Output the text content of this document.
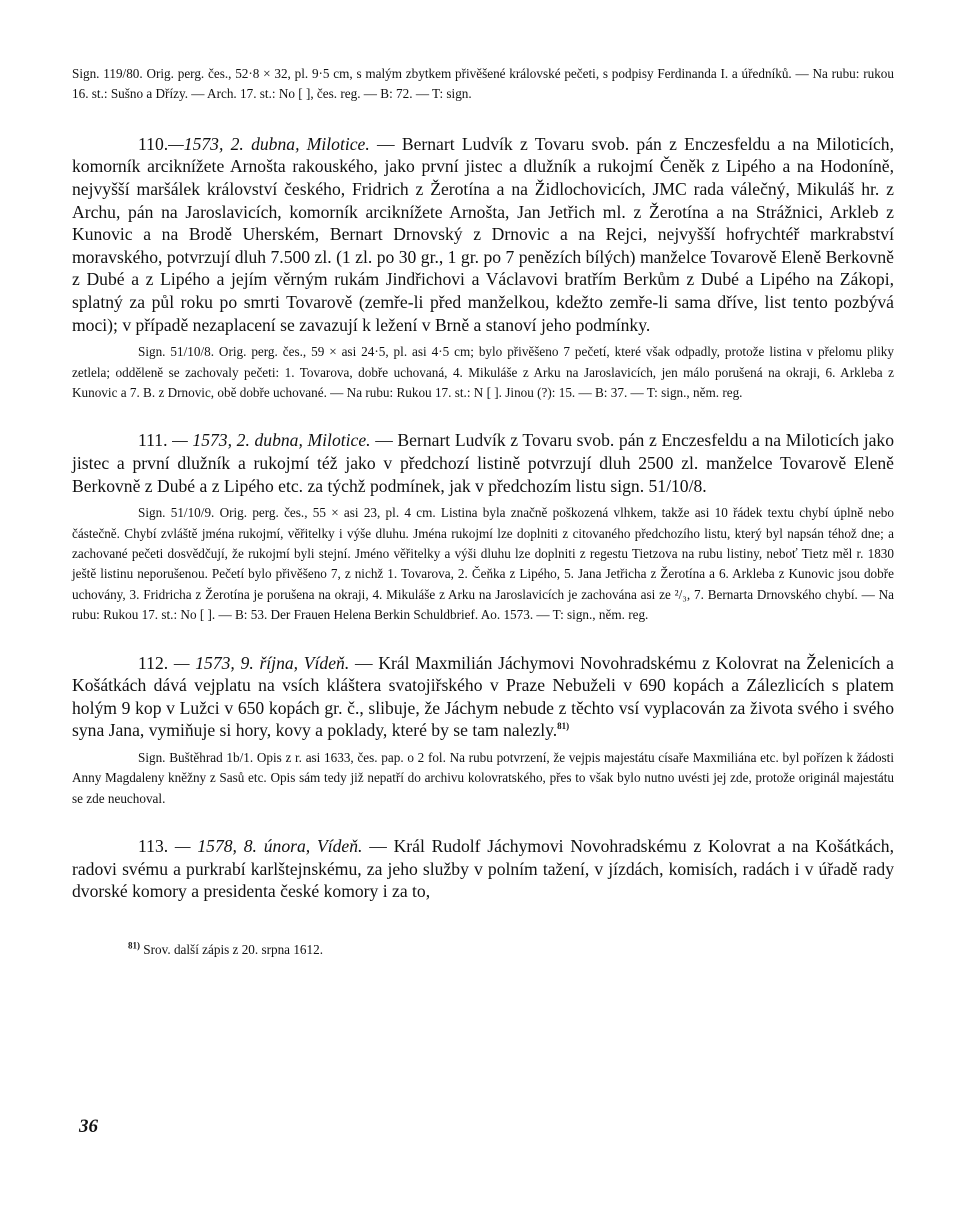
Sign. 119/80. Orig. perg. čes., 52·8 × 32, pl. 9·5 cm, s malým zbytkem přivěšené královské pečeti, s podpisy Ferdinanda I. a úředníků. — Na rubu: rukou 16. st.: Sušno a Dřízy. — Arch. 17. st.: No [ ], čes. reg. — B: 72. — T: sign.

110.—1573, 2. dubna, Milotice. — Bernart Ludvík z Tovaru svob. pán z Enczesfeldu a na Miloticích, komorník arciknížete Arnošta rakouského, jako první jistec a dlužník a rukojmí Čeněk z Lipého a na Hodoníně, nejvyšší maršálek království českého, Fridrich z Žerotína a na Židlochovicích, JMC rada válečný, Mikuláš hr. z Archu, pán na Jaroslavicích, komorník arciknížete Arnošta, Jan Jetřich ml. z Žerotína a na Strážnici, Arkleb z Kunovic a na Brodě Uherském, Bernart Drnovský z Drnovic a na Rejci, nejvyšší hofrychtéř markrabství moravského, potvrzují dluh 7.500 zl. (1 zl. po 30 gr., 1 gr. po 7 penězích bílých) manželce Tovarově Eleně Berkovně z Dubé a z Lipého a jejím věrným rukám Jindřichovi a Václavovi bratřím Berkům z Dubé a Lipého na Zákopi, splatný za půl roku po smrti Tovarově (zemře-li před manželkou, kdežto zemře-li sama dříve, list tento pozbývá moci); v případě nezaplacení se zavazují k ležení v Brně a stanoví jeho podmínky.

Sign. 51/10/8. Orig. perg. čes., 59 × asi 24·5, pl. asi 4·5 cm; bylo přivěšeno 7 pečetí, které však odpadly, protože listina v přelomu pliky zetlela; odděleně se zachovaly pečeti: 1. Tovarova, dobře uchovaná, 4. Mikuláše z Arku na Jaroslavicích, jen málo porušená na okraji, 6. Arkleba z Kunovic a 7. B. z Drnovic, obě dobře uchované. — Na rubu: Rukou 17. st.: N [ ]. Jinou (?): 15. — B: 37. — T: sign., něm. reg.

111. — 1573, 2. dubna, Milotice. — Bernart Ludvík z Tovaru svob. pán z Enczesfeldu a na Miloticích jako jistec a první dlužník a rukojmí též jako v předchozí listině potvrzují dluh 2500 zl. manželce Tovarově Eleně Berkovně z Dubé a z Lipého etc. za týchž podmínek, jak v předchozím listu sign. 51/10/8.

Sign. 51/10/9. Orig. perg. čes., 55 × asi 23, pl. 4 cm. Listina byla značně poškozená vlhkem, takže asi 10 řádek textu chybí úplně nebo částečně. Chybí zvláště jména rukojmí, věřitelky i výše dluhu. Jména rukojmí lze doplniti z citovaného předchozího listu, který byl napsán téhož dne; a zachované pečeti dosvědčují, že rukojmí byli stejní. Jméno věřitelky a výši dluhu lze doplniti z regestu Tietzova na rubu listiny, neboť Tietz měl r. 1830 ještě listinu neporušenou. Pečetí bylo přivěšeno 7, z nichž 1. Tovarova, 2. Čeňka z Lipého, 5. Jana Jetřicha z Žerotína a 6. Arkleba z Kunovic jsou dobře uchovány, 3. Fridricha z Žerotína je porušena na okraji, 4. Mikuláše z Arku na Jaroslavicích je zachována asi ze ²/₃, 7. Bernarta Drnovského chybí. — Na rubu: Rukou 17. st.: No [ ]. — B: 53. Der Frauen Helena Berkin Schuldbrief. Ao. 1573. — T: sign., něm. reg.

112. — 1573, 9. října, Vídeň. — Král Maxmilián Jáchymovi Novohradskému z Kolovrat na Želenicích a Košátkách dává vejplatu na vsích kláštera svatojiřského v Praze Nebuželi v 690 kopách a Zálezlicích s platem holým 9 kop v Lužci v 650 kopách gr. č., slibuje, že Jáchym nebude z těchto vsí vyplacován za života svého i svého syna Jana, vymiňuje si hory, kovy a poklady, které by se tam nalezly.$^{81)}$

Sign. Buštěhrad 1b/1. Opis z r. asi 1633, čes. pap. o 2 fol. Na rubu potvrzení, že vejpis majestátu císaře Maxmiliána etc. byl pořízen k žádosti Anny Magdaleny kněžny z Sasů etc. Opis sám tedy již nepatří do archivu kolovratského, přes to však bylo nutno uvésti jej zde, protože originál majestátu se zde neuchoval.

113. — 1578, 8. února, Vídeň. — Král Rudolf Jáchymovi Novohradskému z Kolovrat a na Košátkách, radovi svému a purkrabí karlštejnskému, za jeho služby v polním tažení, v jízdách, komisích, radách i v úřadě rady dvorské komory a presidenta české komory i za to,

$^{81)}$ Srov. další zápis z 20. srpna 1612.

36
